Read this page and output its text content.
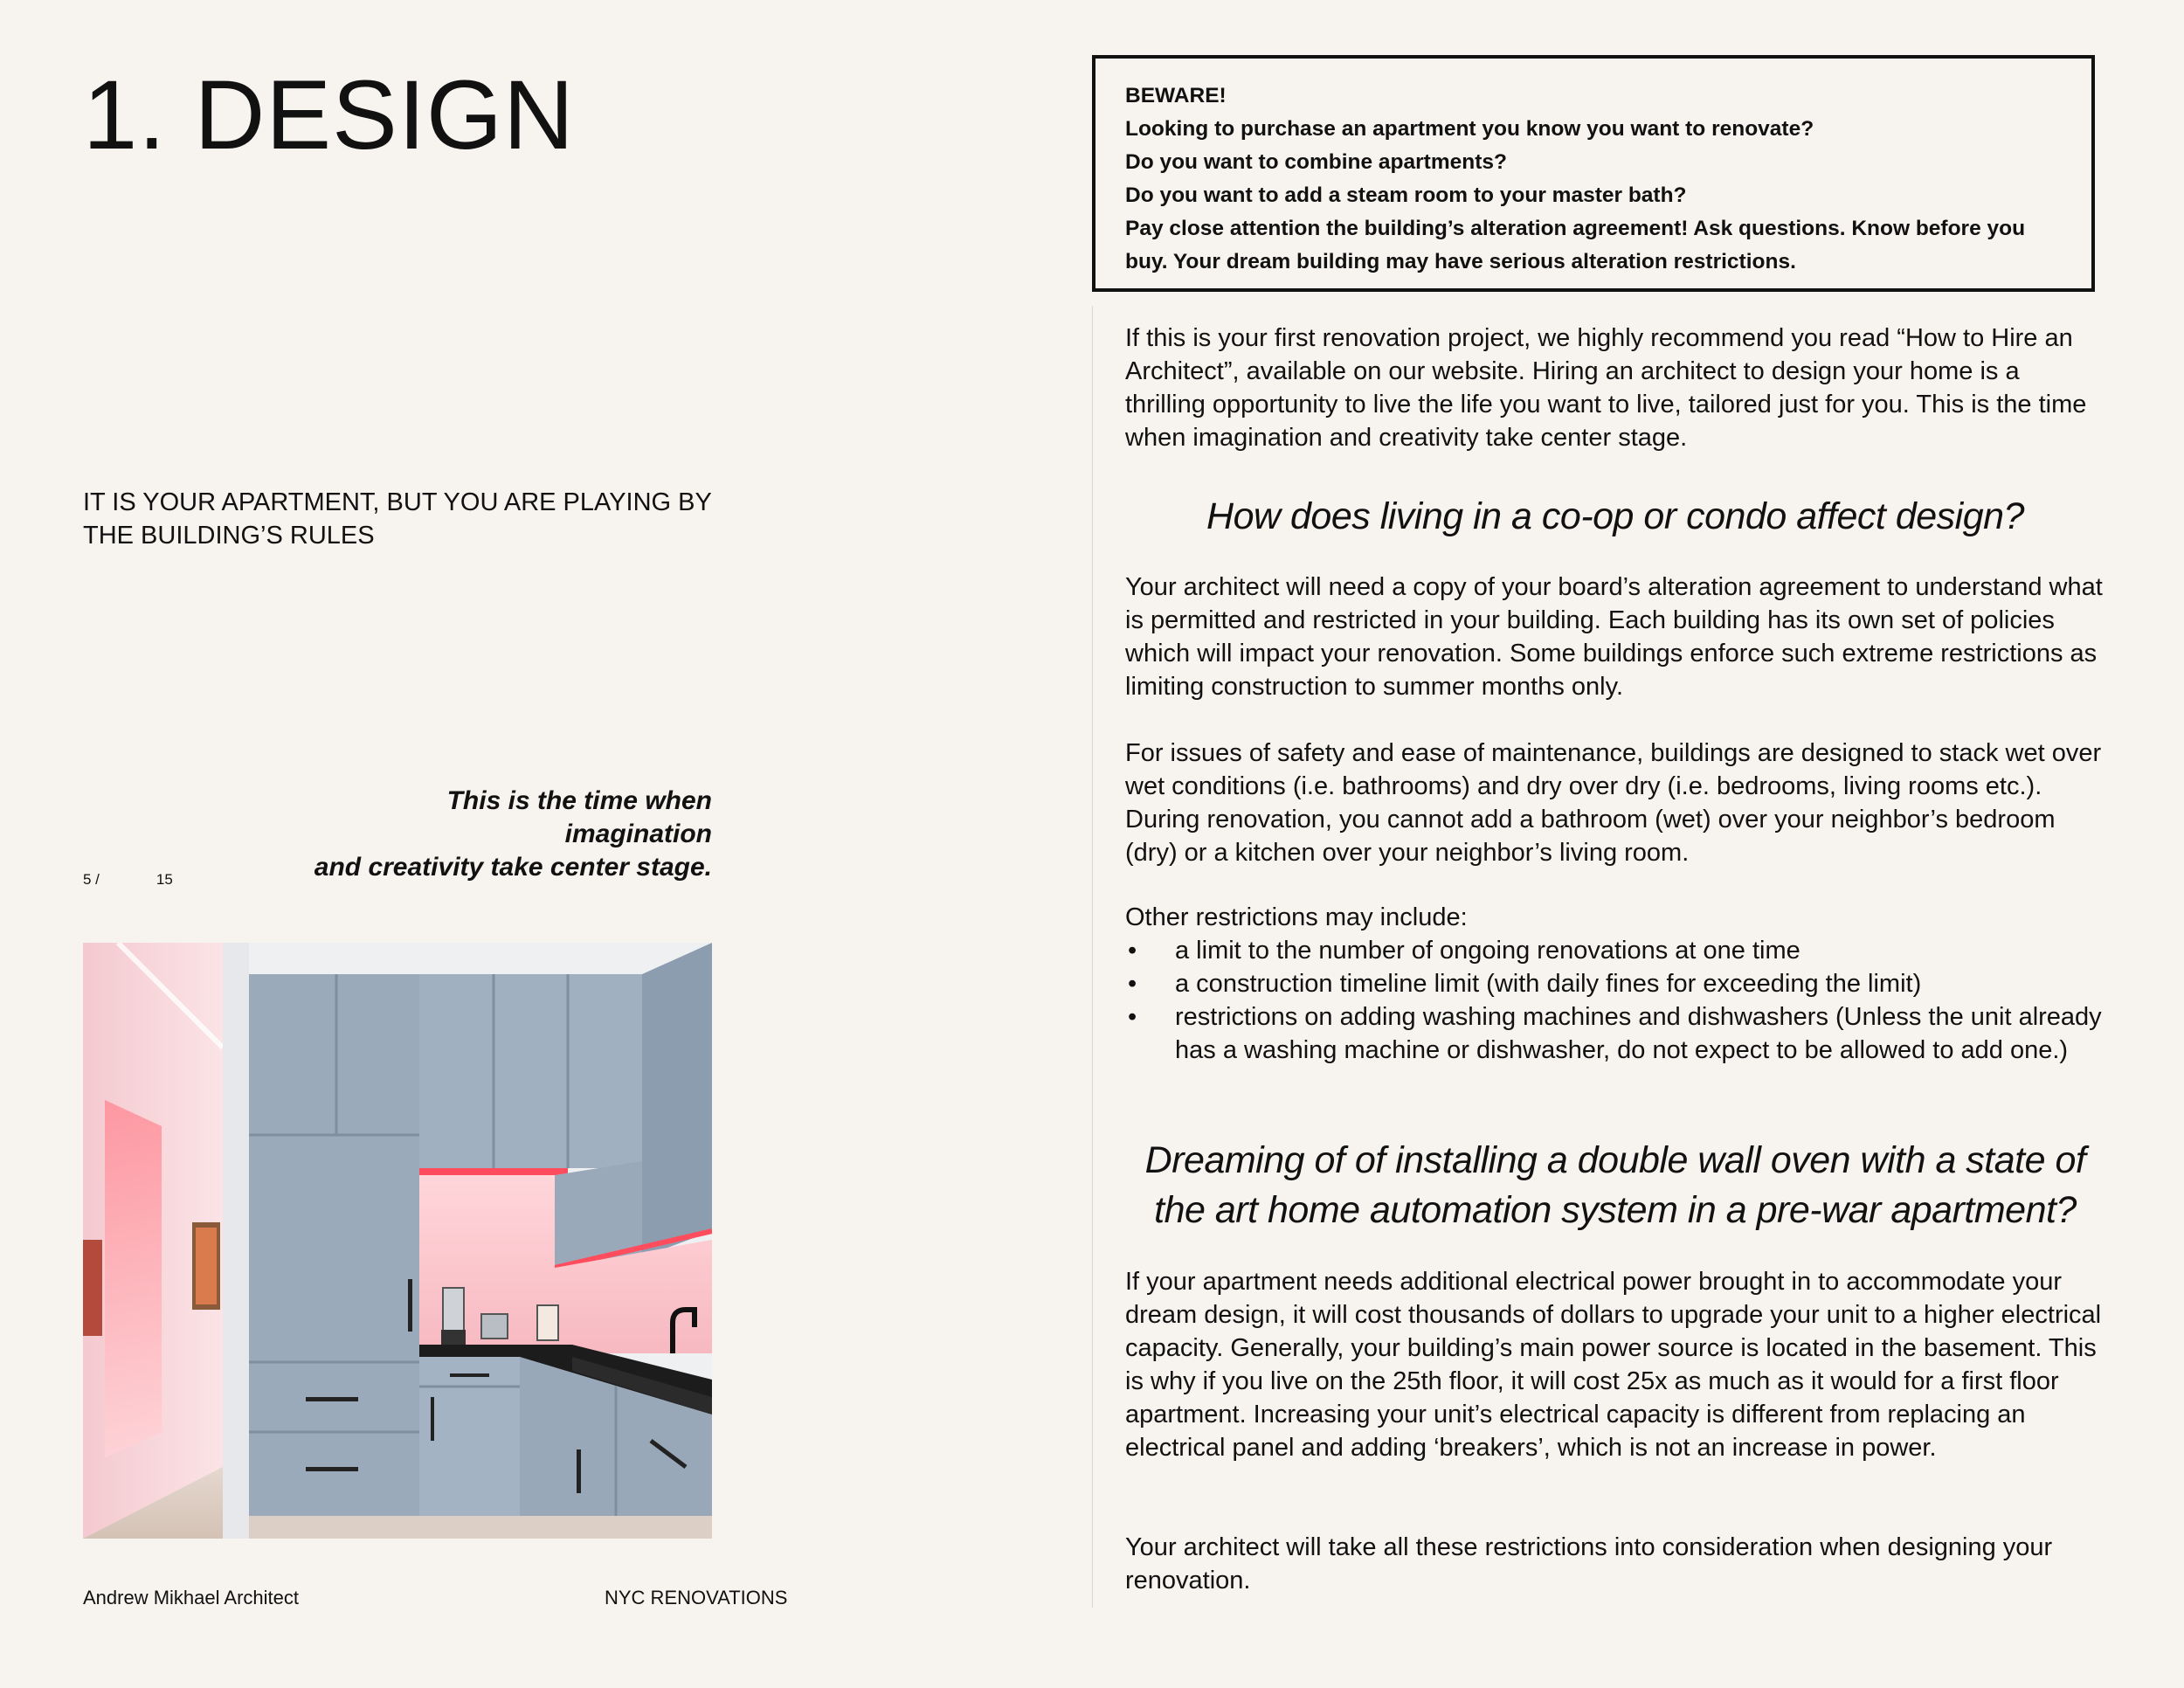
1. DESIGN
IT IS YOUR APARTMENT, BUT YOU ARE PLAYING BY
THE BUILDING’S RULES
This is the time when imagination
and creativity take center stage.
5 /	15
Andrew Mikhael Architect	NYC RENOVATIONS
BEWARE!
Looking to purchase an apartment you know you want to renovate?
Do you want to combine apartments?
Do you want to add a steam room to your master bath?
Pay close attention the building’s alteration agreement! Ask questions. Know before you
buy. Your dream building may have serious alteration restrictions.
If this is your first renovation project, we highly recommend you read “How to Hire an Architect”, available on our website. Hiring an architect to design your home is a thrilling opportunity to live the life you want to live, tailored just for you. This is the time when imagination and creativity take center stage.
How does living in a co-op or condo affect design?
Your architect will need a copy of your board’s alteration agreement to understand what is permitted and restricted in your building. Each building has its own set of policies which will impact your renovation. Some buildings enforce such extreme restrictions as limiting construction to summer months only.
For issues of safety and ease of maintenance, buildings are designed to stack wet over wet conditions (i.e. bathrooms) and dry over dry (i.e. bedrooms, living rooms etc.). During renovation, you cannot add a bathroom (wet) over your neighbor’s bedroom (dry) or a kitchen over your neighbor’s living room.
Other restrictions may include:
• a limit to the number of ongoing renovations at one time
• a construction timeline limit (with daily fines for exceeding the limit)
• restrictions on adding washing machines and dishwashers (Unless the unit already has a washing machine or dishwasher, do not expect to be allowed to add one.)
Dreaming of of installing a double wall oven with a state of
the art home automation system in a pre-war apartment?
If your apartment needs additional electrical power brought in to accommodate your dream design, it will cost thousands of dollars to upgrade your unit to a higher electrical capacity. Generally, your building’s main power source is located in the basement. This is why if you live on the 25th floor, it will cost 25x as much as it would for a first floor apartment. Increasing your unit’s electrical capacity is different from replacing an electrical panel and adding ‘breakers’, which is not an increase in power.
Your architect will take all these restrictions into consideration when designing your renovation.
